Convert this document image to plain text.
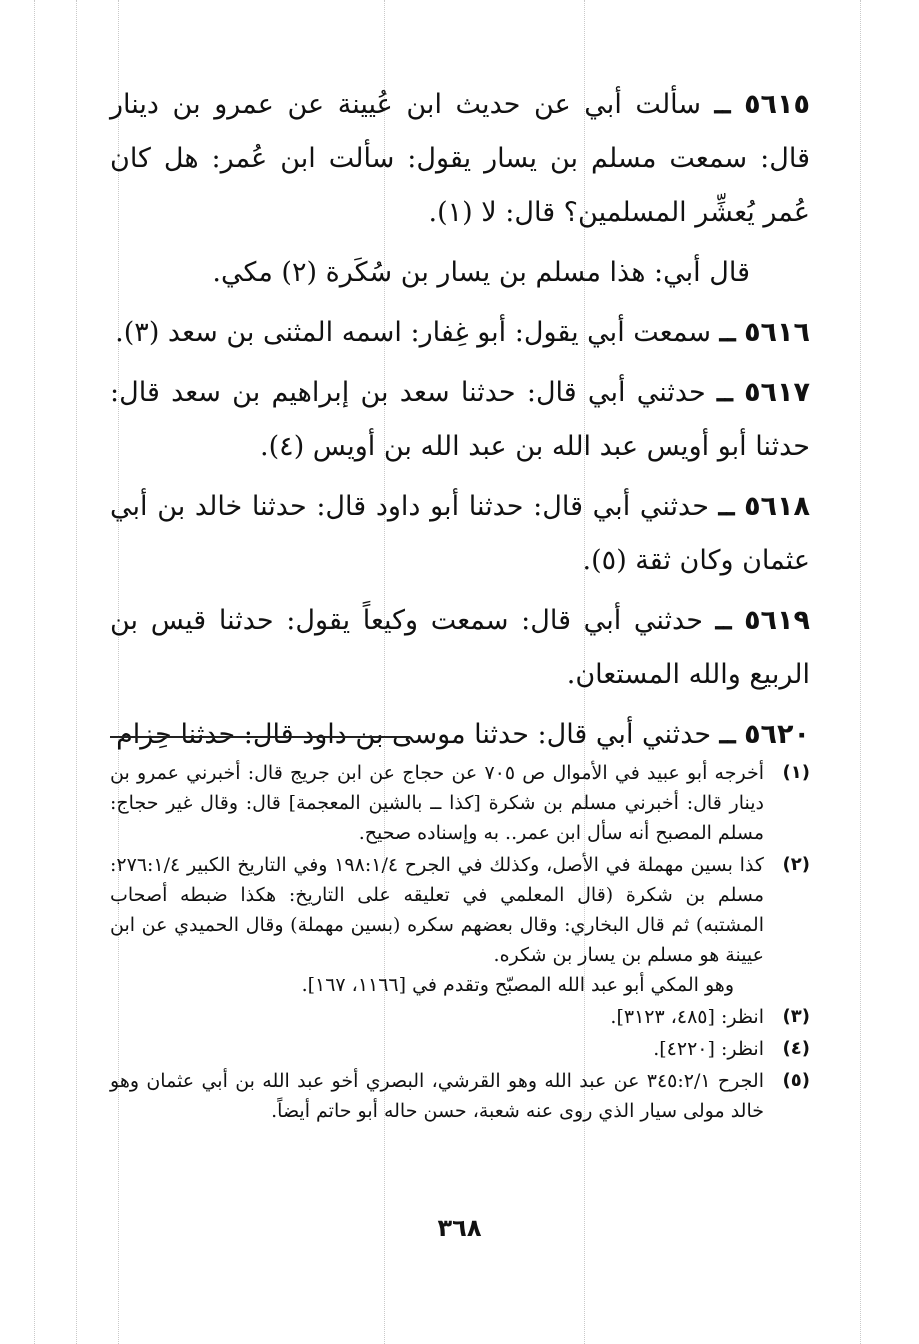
٥٦١٥ ــ سألت أبي عن حديث ابن عُيينة عن عمرو بن دينار قال: سمعت مسلم بن يسار يقول: سألت ابن عُمر: هل كان عُمر يُعشِّر المسلمين؟ قال: لا (١).

قال أبي: هذا مسلم بن يسار بن سُكَرة (٢) مكي.

٥٦١٦ ــ سمعت أبي يقول: أبو غِفار: اسمه المثنى بن سعد (٣).

٥٦١٧ ــ حدثني أبي قال: حدثنا سعد بن إبراهيم بن سعد قال: حدثنا أبو أويس عبد الله بن عبد الله بن أويس (٤).

٥٦١٨ ــ حدثني أبي قال: حدثنا أبو داود قال: حدثنا خالد بن أبي عثمان وكان ثقة (٥).

٥٦١٩ ــ حدثني أبي قال: سمعت وكيعاً يقول: حدثنا قيس بن الربيع والله المستعان.

٥٦٢٠ ــ حدثني أبي قال: حدثنا موسى بن داود قال: حدثنا حِزام

(١)
أخرجه أبو عبيد في الأموال ص ٧٠٥ عن حجاج عن ابن جريج قال: أخبرني عمرو بن دينار قال: أخبرني مسلم بن شكرة [كذا ــ بالشين المعجمة] قال: وقال غير حجاج: مسلم المصبح أنه سأل ابن عمر.. به وإسناده صحيح.
(٢)
كذا بسين مهملة في الأصل، وكذلك في الجرح ١٩٨:١/٤ وفي التاريخ الكبير ٢٧٦:١/٤: مسلم بن شكرة (قال المعلمي في تعليقه على التاريخ: هكذا ضبطه أصحاب المشتبه) ثم قال البخاري: وقال بعضهم سكره (بسين مهملة) وقال الحميدي عن ابن عيينة هو مسلم بن يسار بن شكره.
وهو المكي أبو عبد الله المصبّح وتقدم في [١١٦٦، ١٦٧].
(٣)
انظر: [٤٨٥، ٣١٢٣].
(٤)
انظر: [٤٢٢٠].
(٥)
الجرح ٣٤٥:٢/١ عن عبد الله وهو القرشي، البصري أخو عبد الله بن أبي عثمان وهو خالد مولى سيار الذي روى عنه شعبة، حسن حاله أبو حاتم أيضاً.
٣٦٨
